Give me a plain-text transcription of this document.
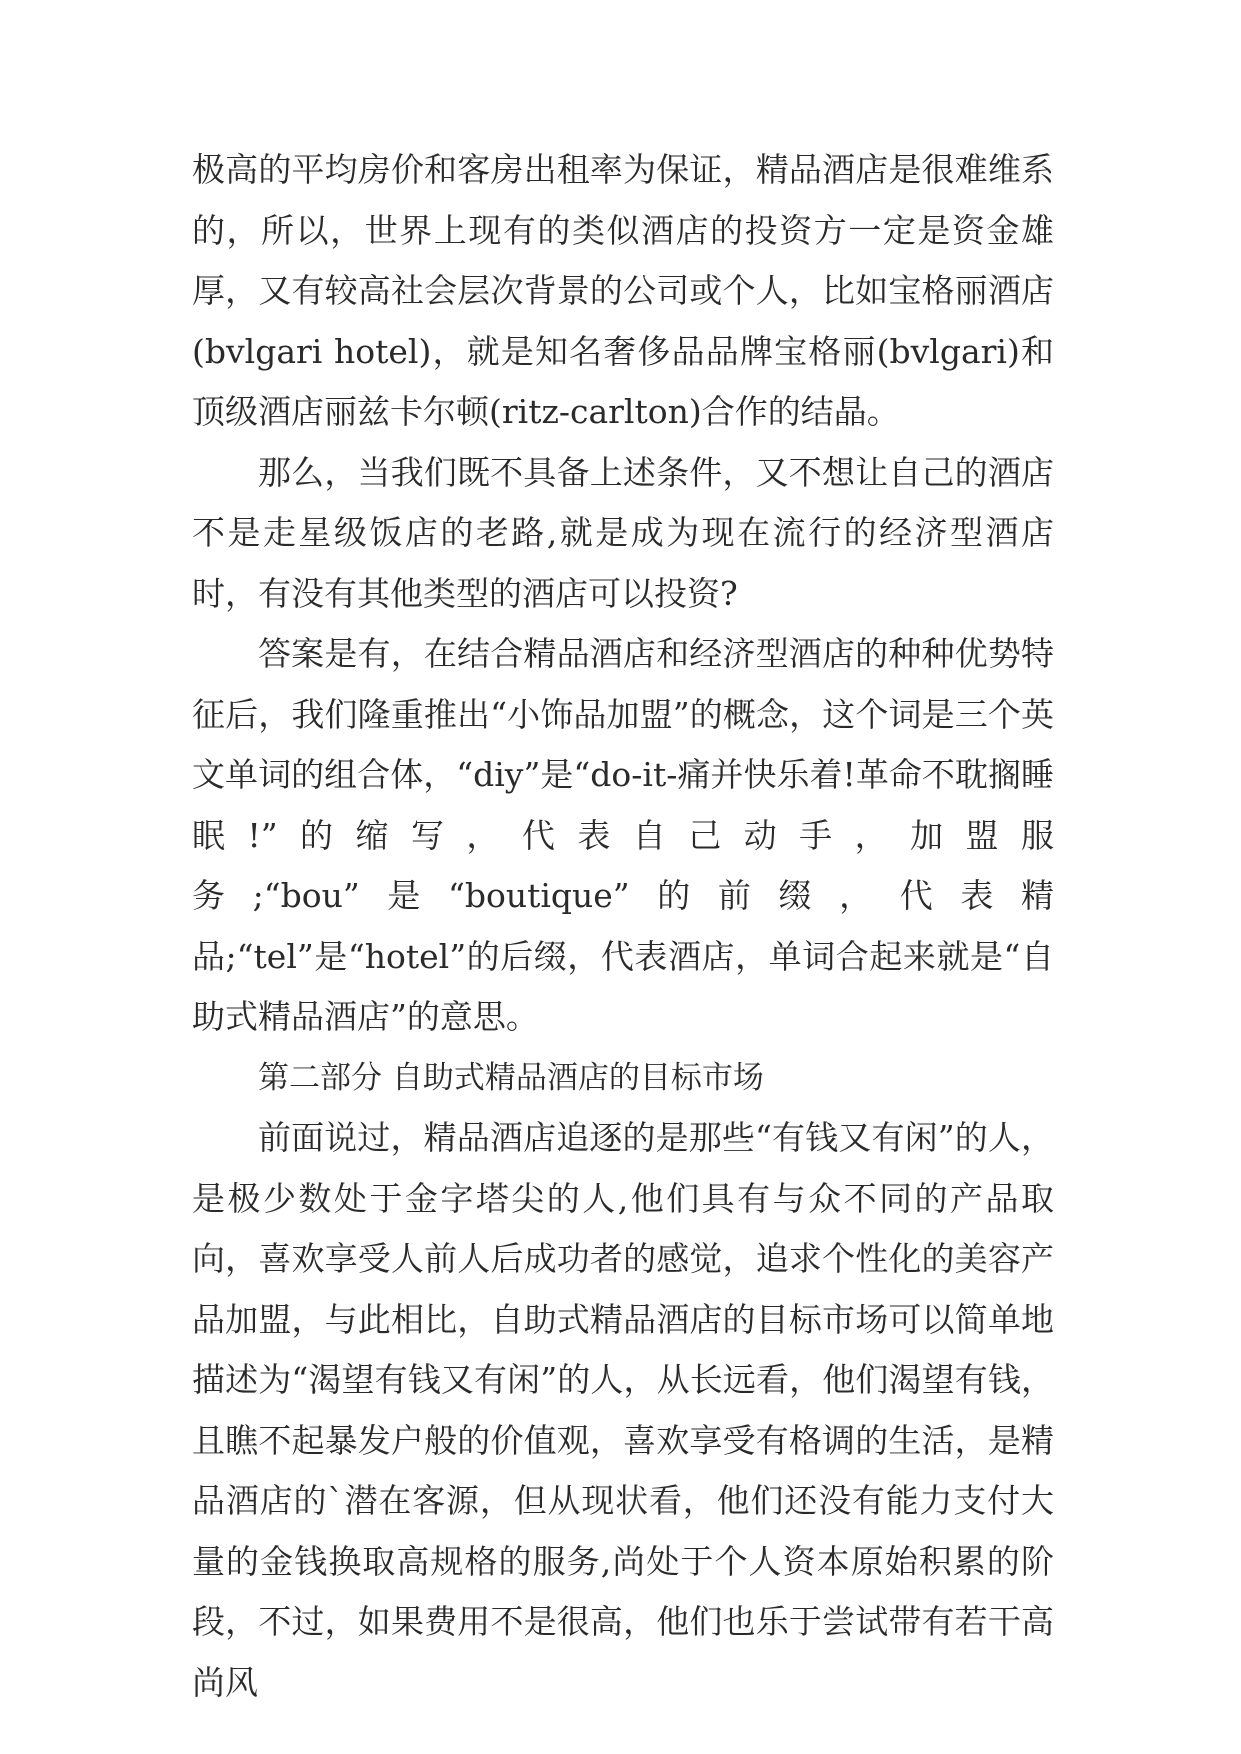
极高的平均房价和客房出租率为保证，精品酒店是很难维系的，所以，世界上现有的类似酒店的投资方一定是资金雄厚，又有较高社会层次背景的公司或个人，比如宝格丽酒店(bvlgari hotel)，就是知名奢侈品品牌宝格丽(bvlgari)和顶级酒店丽兹卡尔顿(ritz-carlton)合作的结晶。

那么，当我们既不具备上述条件，又不想让自己的酒店不是走星级饭店的老路,就是成为现在流行的经济型酒店时，有没有其他类型的酒店可以投资?

答案是有，在结合精品酒店和经济型酒店的种种优势特征后，我们隆重推出“小饰品加盟”的概念，这个词是三个英文单词的组合体，“diy”是“do-it-痛并快乐着!革命不耽搁睡眠!”的缩写，代表自己动手，加盟服务;“bou”是“boutique”的前缀，代表精品;“tel”是“hotel”的后缀，代表酒店，单词合起来就是“自助式精品酒店”的意思。

第二部分 自助式精品酒店的目标市场

前面说过，精品酒店追逐的是那些“有钱又有闲”的人，是极少数处于金字塔尖的人,他们具有与众不同的产品取向，喜欢享受人前人后成功者的感觉，追求个性化的美容产品加盟，与此相比，自助式精品酒店的目标市场可以简单地描述为“渴望有钱又有闲”的人，从长远看，他们渴望有钱，且瞧不起暴发户般的价值观，喜欢享受有格调的生活，是精品酒店的`潜在客源，但从现状看，他们还没有能力支付大量的金钱换取高规格的服务,尚处于个人资本原始积累的阶段，不过，如果费用不是很高，他们也乐于尝试带有若干高尚风
